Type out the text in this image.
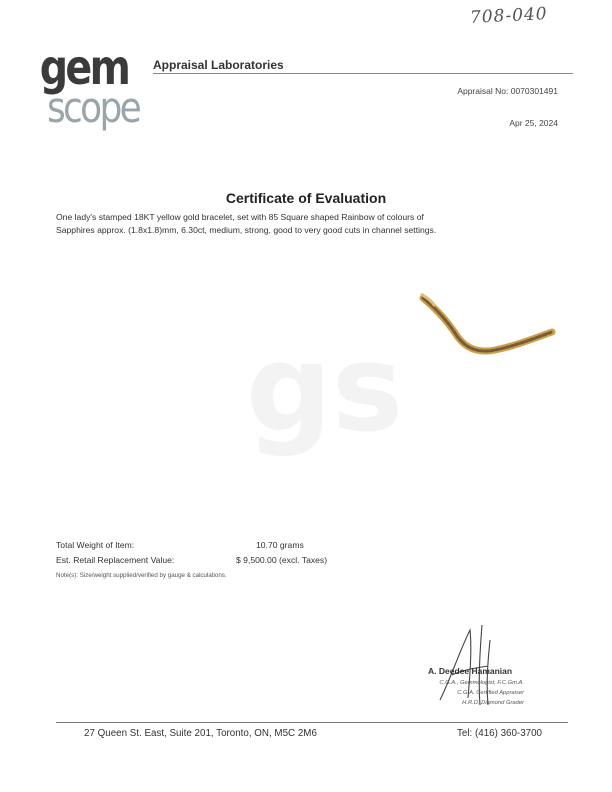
708-040
gem
scope
Appraisal Laboratories
Appraisal No: 0070301491
Apr 25, 2024
Certificate of Evaluation
One lady's stamped 18KT yellow gold bracelet, set with 85 Square shaped Rainbow of colours of
Sapphires approx. (1.8x1.8)mm, 6.30ct, medium, strong, good to very good cuts in channel settings.
gs
Total Weight of Item:	10.70 grams
Est. Retail Replacement Value:	$ 9,500.00 (excl. Taxes)
Note(s): Size/weight supplied/verified by gauge & calculations.
A. Deedee Hamanian
C.G.A., Gemmologist, F.C.Gm.A.
C.G.A. Certified Appraiser
H.R.D. Diamond Grader
27 Queen St. East, Suite 201, Toronto, ON, M5C 2M6	Tel: (416) 360-3700
